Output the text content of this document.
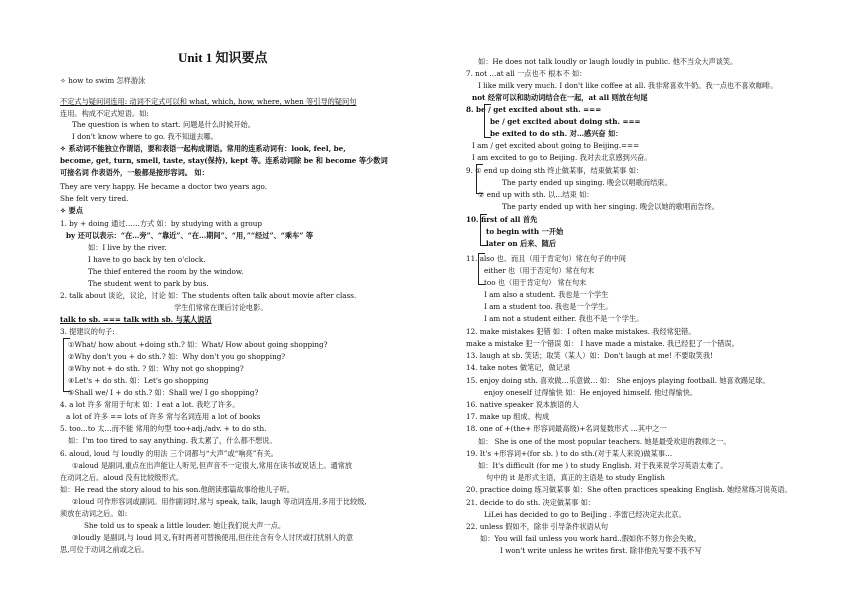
Unit 1 知识要点
✧ how to swim 怎样游泳
不定式与疑问词连用: 动词不定式可以和 what, which, how, where, when 等引导的疑问句
连用。构成不定式短语。如:
The question is when to start. 问题是什么时候开始。
I don't know where to go. 我不知道去哪。
✧ 系动词不能独立作谓语，要和表语一起构成谓语。常用的连系动词有：look, feel, be,
become, get, turn, smell, taste, stay(保持), kept 等。连系动词除 be 和 become 等少数词
可接名词 作表语外，一般都是接形容词。 如：
They are very happy. He became a doctor two years ago.
She felt very tired.
✧ 要点
1. by + doing 通过……方式 如：by studying with a group
by 还可以表示：“在…旁”、“靠近”、“在…期间”、“用，”“经过”、“乘车” 等
如：I live by the river.
I have to go back by ten o'clock.
The thief entered the room by the window.
The student went to park by bus.
2. talk about 谈论，议论，讨论 如：The students often talk about movie after class.
学生们常常在课后讨论电影。
talk to sb. === talk with sb. 与某人说话
3. 提建议的句子:
①What/ how about +doing sth.? 如：What/ How about going shopping?
②Why don't you + do sth.? 如：Why don't you go shopping?
③Why not + do sth. ? 如：Why not go shopping?
④Let's + do sth. 如：Let's go shopping
⑤Shall we/ I + do sth.? 如：Shall we/ I go shopping?
4. a lot 许多 常用于句末 如：I eat a lot. 我吃了许多。
a lot of 许多 == lots of 许多 常与名词连用 a lot of books
5. too…to 太…而不能 常用的句型 too+adj./adv. + to do sth.
如：I'm too tired to say anything. 我太累了，什么都不想说。
6. aloud, loud 与 loudly 的用法 三个词都与“大声”或“响亮”有关。
①aloud 是副词,重点在出声能让人听见,但声音不一定很大,常用在读书或说话上。通常放
在动词之后。aloud 没有比较级形式。
如：He read the story aloud to his son.他朗读那篇故事给他儿子听。
②loud 可作形容词或副词。用作副词时,常与 speak, talk, laugh 等动词连用,多用于比较级,
须放在动词之后。如:
She told us to speak a little louder. 她让我们说大声一点。
③loudly 是副词,与 loud 同义,有时两者可替换使用,但往往含有令人讨厌或打扰别人的意
思,可位于动词之前或之后。
如：He does not talk loudly or laugh loudly in public. 他不当众大声谈笑。
7. not …at all 一点也不 根本不 如：
I like milk very much. I don't like coffee at all. 我非常喜欢牛奶。我一点也不喜欢咖啡。
not 经常可以和助动词结合在一起，at all 则放在句尾
8. be / get excited about sth. ===
be / get excited about doing sth. ===
be exited to do sth. 对…感兴奋 如：
I am / get excited about going to Beijing.===
I am excited to go to Beijing. 我对去北京感到兴奋。
9. ① end up doing sth 终止做某事，结束做某事 如：
The party ended up singing. 晚会以唱歌而结束。
② end up with sth. 以…结束 如：
The party ended up with her singing. 晚会以她的歌唱而告终。
10. first of all 首先
to begin with 一开始
later on 后来、随后
11. also 也、而且（用于肯定句）常在句子的中间
either 也（用于否定句）常在句末
too 也（用于肯定句） 常在句末
I am also a student. 我也是一个学生
I am a student too. 我也是一个学生。
I am not a student either. 我也不是一个学生。
12. make mistakes 犯错 如：I often make mistakes. 我经常犯错。
make a mistake 犯一个错误 如： I have made a mistake. 我已经犯了一个错误。
13. laugh at sb. 笑话；取笑（某人）如：Don't laugh at me! 不要取笑我!
14. take notes 做笔记，做记录
15. enjoy doing sth. 喜欢做…乐意做… 如： She enjoys playing football. 她喜欢踢足球。
enjoy oneself 过得愉快 如：He enjoyed himself. 他过得愉快。
16. native speaker 说本族语的人
17. make up 组成、构成
18. one of +(the+ 形容词最高级)+名词复数形式 …其中之一
如： She is one of the most popular teachers. 她是最受欢迎的教师之一。
19. It's +形容词+(for sb. ) to do sth.(对于某人来说)做某事…
如：It's difficult (for me ) to study English. 对于我来说学习英语太难了。
句中的 it 是形式主语，真正的主语是 to study English
20. practice doing 练习做某事 如：She often practices speaking English. 她经常练习说英语。
21. decide to do sth. 决定做某事 如：
LiLei has decided to go to BeiJing . 李雷已经决定去北京。
22. unless 假如不，除非 引导条件状语从句
如：You will fail unless you work hard..假如你不努力你会失败。
I won't write unless he writes first. 除非他先写要不我不写
